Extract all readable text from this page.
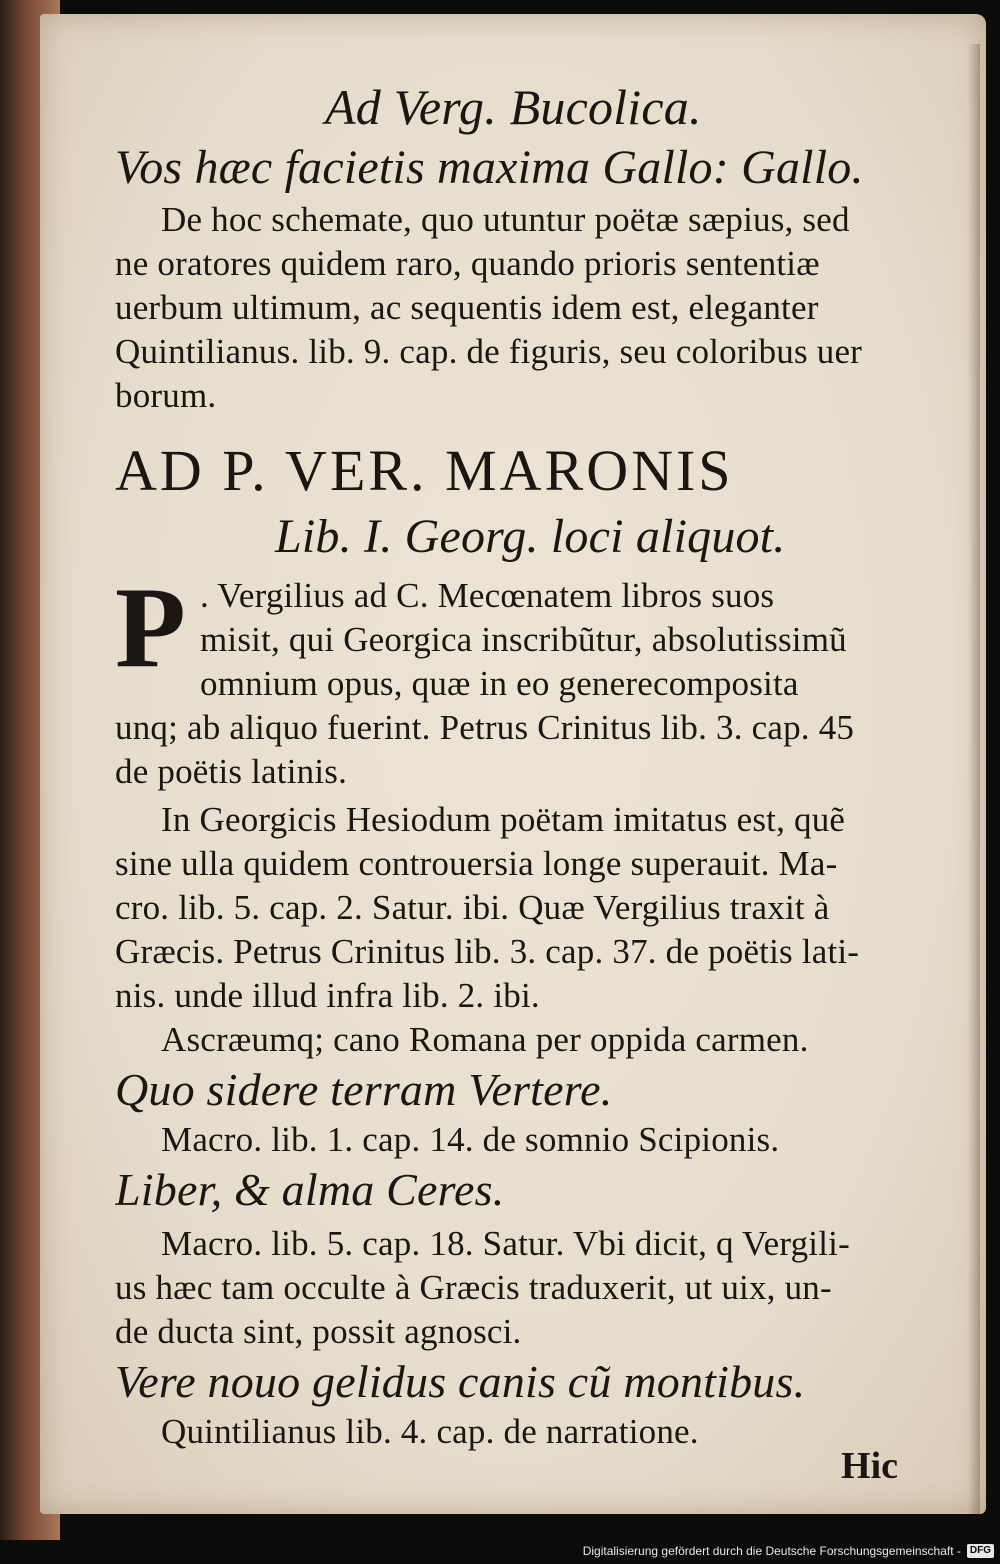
Ad Verg. Bucolica.

Vos hæc facietis maxima Gallo: Gallo.

De hoc schemate, quo utuntur poëtæ sæpius, sed

ne oratores quidem raro, quando prioris sententiæ

uerbum ultimum, ac sequentis idem est, eleganter

Quintilianus. lib. 9. cap. de figuris, seu coloribus uer

borum.

AD P. VER. MARONIS

Lib. I. Georg. loci aliquot.

P . Vergilius ad C. Mecœnatem libros suos

misit, qui Georgica inscribũtur, absolutissimũ

omnium opus, quæ in eo generecomposita

unq; ab aliquo fuerint. Petrus Crinitus lib. 3. cap. 45

de poëtis latinis.

In Georgicis Hesiodum poëtam imitatus est, quẽ

sine ulla quidem controuersia longe superauit. Ma-

cro. lib. 5. cap. 2. Satur. ibi. Quæ Vergilius traxit à

Græcis. Petrus Crinitus lib. 3. cap. 37. de poëtis lati-

nis. unde illud infra lib. 2. ibi.

Ascræumq; cano Romana per oppida carmen.

Quo sidere terram Vertere.

Macro. lib. 1. cap. 14. de somnio Scipionis.

Liber, & alma Ceres.

Macro. lib. 5. cap. 18. Satur. Vbi dicit, q Vergili-

us hæc tam occulte à Græcis traduxerit, ut uix, un-

de ducta sint, possit agnosci.

Vere nouo gelidus canis cũ montibus.

Quintilianus lib. 4. cap. de narratione.

Hic
Digitalisierung gefördert durch die Deutsche Forschungsgemeinschaft - DFG
